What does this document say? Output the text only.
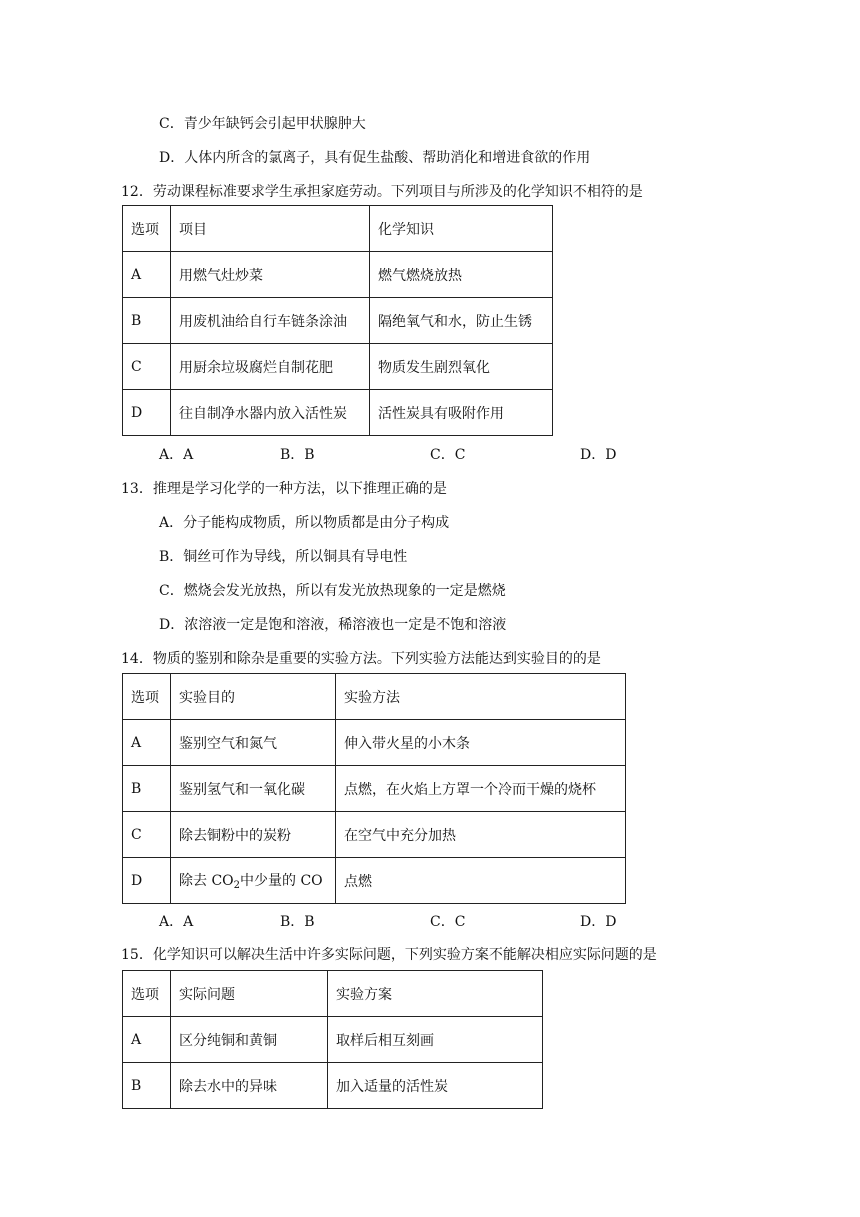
C．青少年缺钙会引起甲状腺肿大
D．人体内所含的氯离子，具有促生盐酸、帮助消化和增进食欲的作用
12．劳动课程标准要求学生承担家庭劳动。下列项目与所涉及的化学知识不相符的是
选项	项目	化学知识
A	用燃气灶炒菜	燃气燃烧放热
B	用废机油给自行车链条涂油	隔绝氧气和水，防止生锈
C	用厨余垃圾腐烂自制花肥	物质发生剧烈氧化
D	往自制净水器内放入活性炭	活性炭具有吸附作用
A．A	B．B	C．C	D．D
13．推理是学习化学的一种方法，以下推理正确的是
A．分子能构成物质，所以物质都是由分子构成
B．铜丝可作为导线，所以铜具有导电性
C．燃烧会发光放热，所以有发光放热现象的一定是燃烧
D．浓溶液一定是饱和溶液，稀溶液也一定是不饱和溶液
14．物质的鉴别和除杂是重要的实验方法。下列实验方法能达到实验目的的是
选项	实验目的	实验方法
A	鉴别空气和氮气	伸入带火星的小木条
B	鉴别氢气和一氧化碳	点燃，在火焰上方罩一个冷而干燥的烧杯
C	除去铜粉中的炭粉	在空气中充分加热
D	除去 $CO_2$中少量的 CO	点燃
A．A	B．B	C．C	D．D
15．化学知识可以解决生活中许多实际问题，下列实验方案不能解决相应实际问题的是
选项	实际问题	实验方案
A	区分纯铜和黄铜	取样后相互刻画
B	除去水中的异味	加入适量的活性炭
